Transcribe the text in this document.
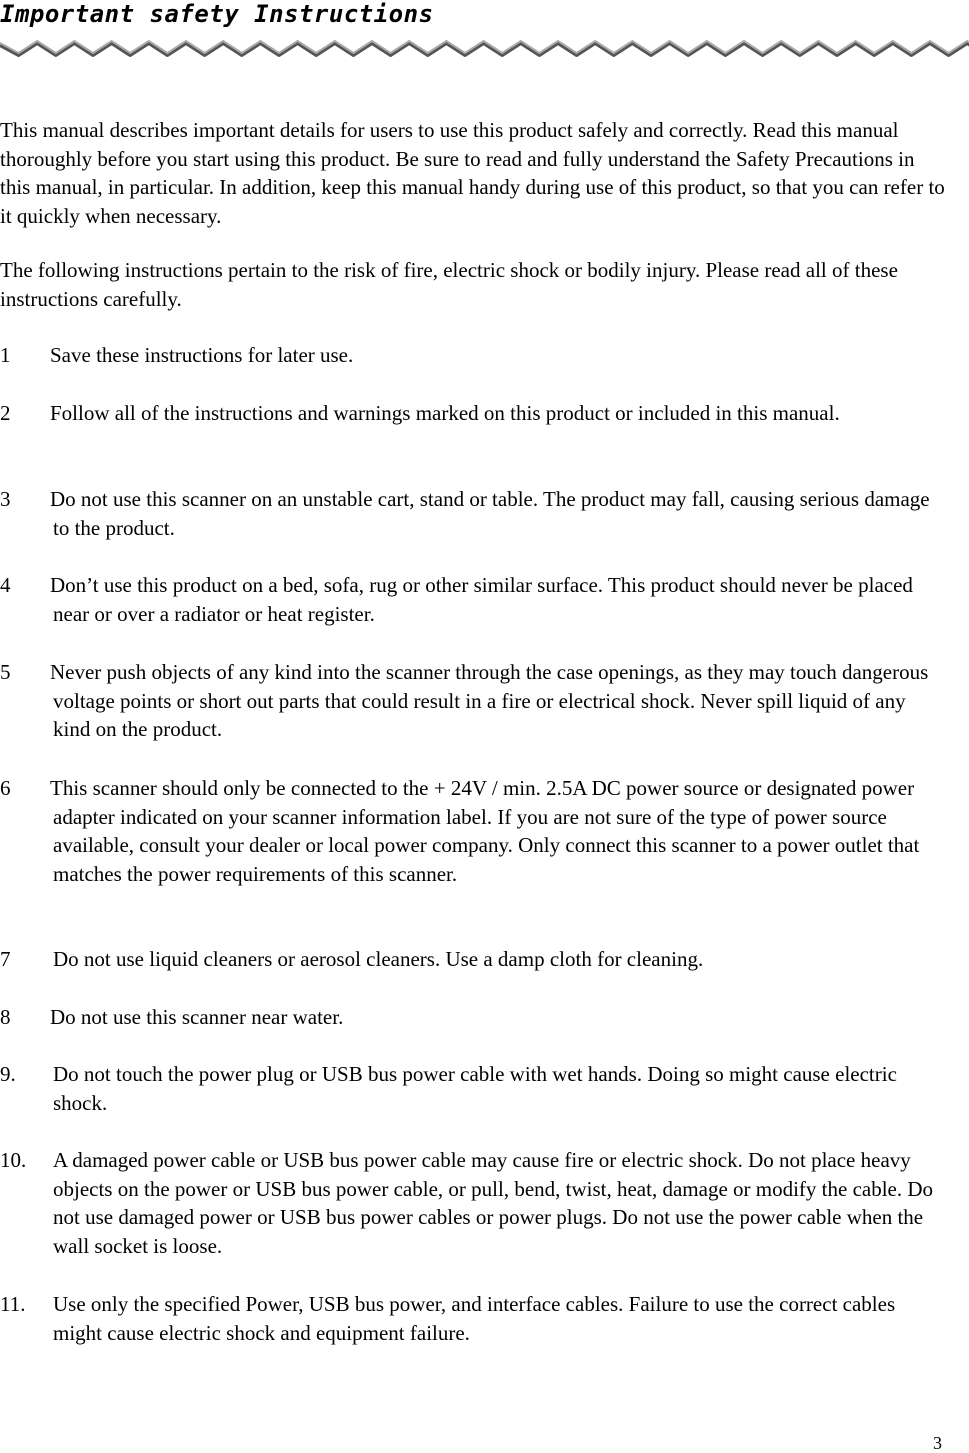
Important safety Instructions

This manual describes important details for users to use this product safely and correctly. Read this manual thoroughly before you start using this product. Be sure to read and fully understand the Safety Precautions in this manual, in particular. In addition, keep this manual handy during use of this product, so that you can refer to it quickly when necessary.

The following instructions pertain to the risk of fire, electric shock or bodily injury. Please read all of these instructions carefully.

1	Save these instructions for later use.
2	Follow all of the instructions and warnings marked on this product or included in this manual.
3	Do not use this scanner on an unstable cart, stand or table. The product may fall, causing serious damage to the product.
4	Don’t use this product on a bed, sofa, rug or other similar surface. This product should never be placed near or over a radiator or heat register.
5	Never push objects of any kind into the scanner through the case openings, as they may touch dangerous voltage points or short out parts that could result in a fire or electrical shock. Never spill liquid of any kind on the product.
6	This scanner should only be connected to the + 24V / min. 2.5A DC power source or designated power adapter indicated on your scanner information label. If you are not sure of the type of power source available, consult your dealer or local power company. Only connect this scanner to a power outlet that matches the power requirements of this scanner.
7	Do not use liquid cleaners or aerosol cleaners. Use a damp cloth for cleaning.
8	Do not use this scanner near water.
9.	Do not touch the power plug or USB bus power cable with wet hands. Doing so might cause electric shock.
10.	A damaged power cable or USB bus power cable may cause fire or electric shock. Do not place heavy objects on the power or USB bus power cable, or pull, bend, twist, heat, damage or modify the cable. Do not use damaged power or USB bus power cables or power plugs. Do not use the power cable when the wall socket is loose.
11.	Use only the specified Power, USB bus power, and interface cables. Failure to use the correct cables might cause electric shock and equipment failure.
3
